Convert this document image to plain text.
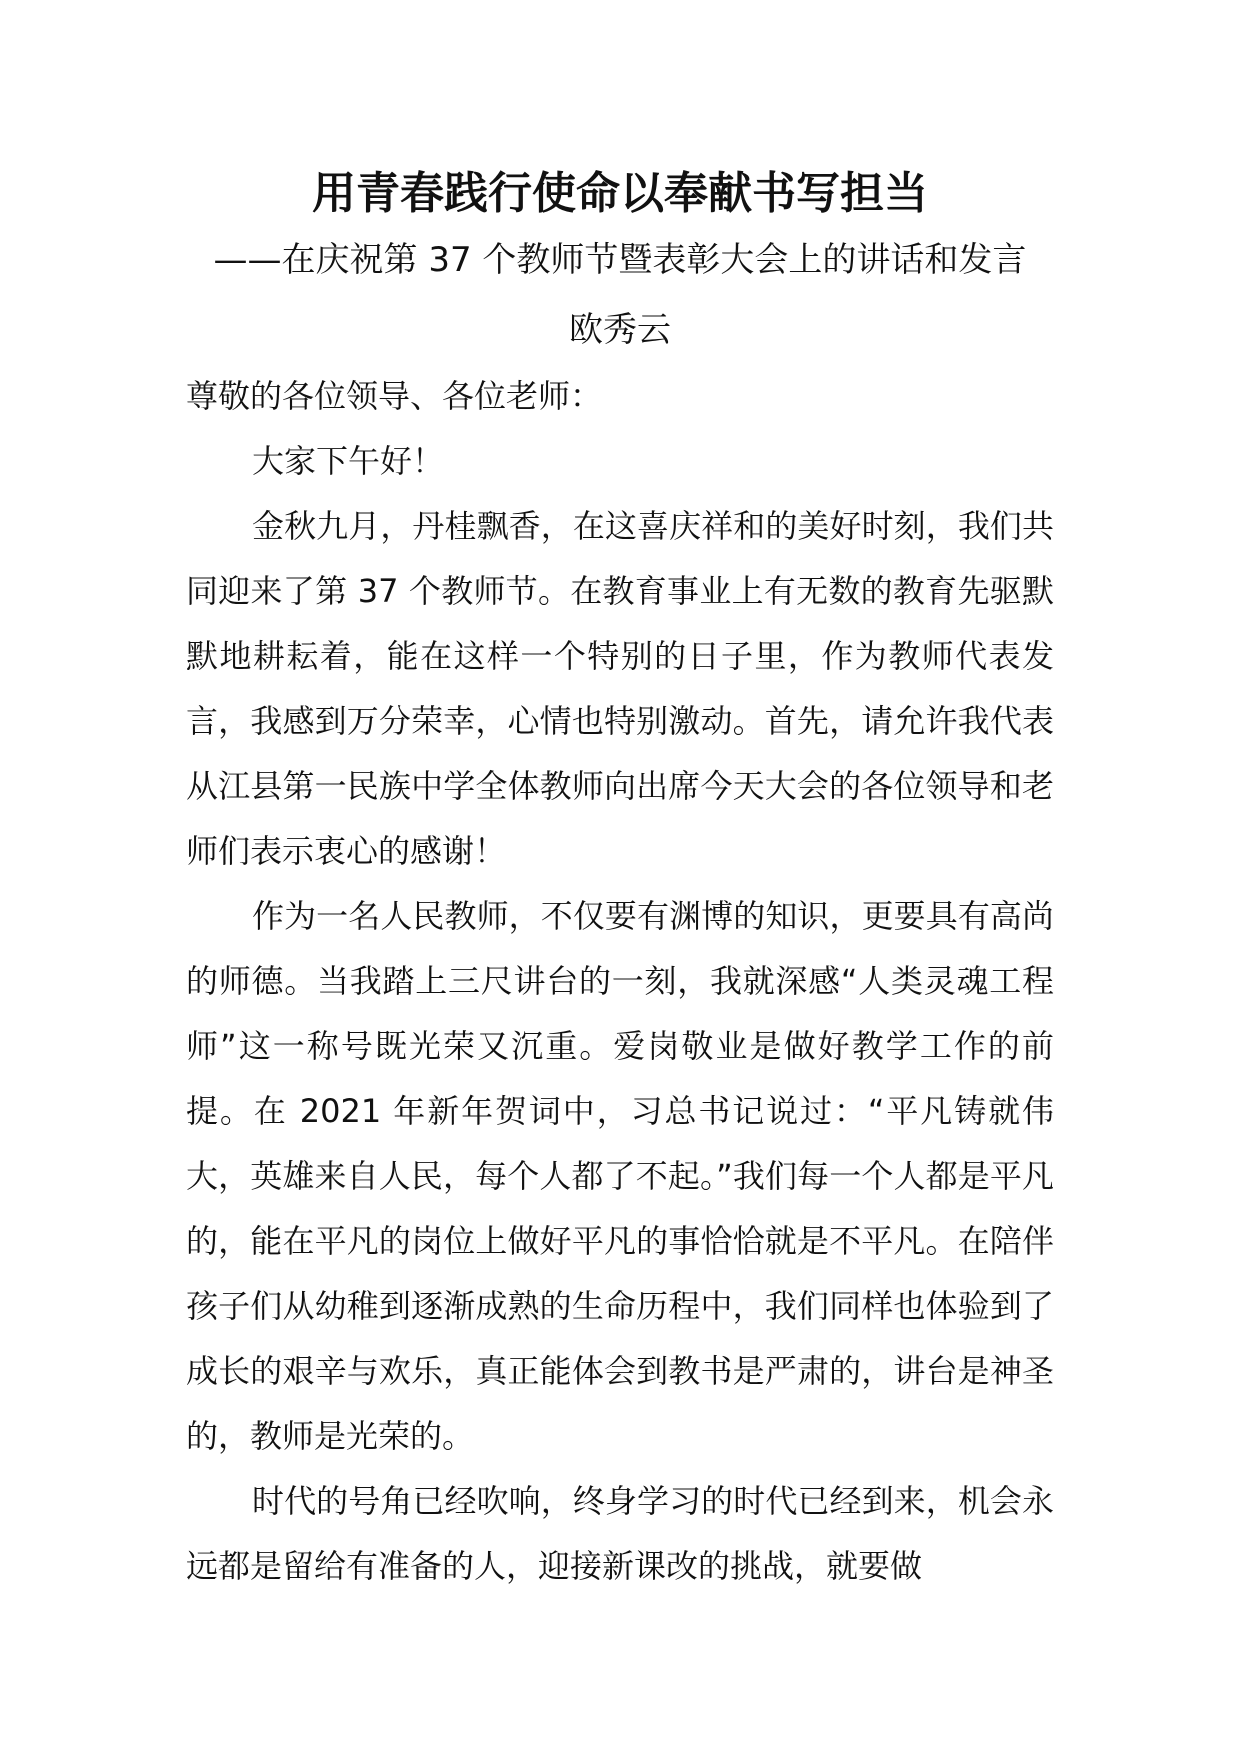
用青春践行使命以奉献书写担当
——在庆祝第 37 个教师节暨表彰大会上的讲话和发言
欧秀云

尊敬的各位领导、各位老师：

大家下午好！

金秋九月，丹桂飘香，在这喜庆祥和的美好时刻，我们共同迎来了第 37 个教师节。在教育事业上有无数的教育先驱默默地耕耘着，能在这样一个特别的日子里，作为教师代表发言，我感到万分荣幸，心情也特别激动。首先，请允许我代表从江县第一民族中学全体教师向出席今天大会的各位领导和老师们表示衷心的感谢！

作为一名人民教师，不仅要有渊博的知识，更要具有高尚的师德。当我踏上三尺讲台的一刻，我就深感“人类灵魂工程师”这一称号既光荣又沉重。爱岗敬业是做好教学工作的前提。在 2021 年新年贺词中，习总书记说过：“平凡铸就伟大，英雄来自人民，每个人都了不起。”我们每一个人都是平凡的，能在平凡的岗位上做好平凡的事恰恰就是不平凡。在陪伴孩子们从幼稚到逐渐成熟的生命历程中，我们同样也体验到了成长的艰辛与欢乐，真正能体会到教书是严肃的，讲台是神圣的，教师是光荣的。

时代的号角已经吹响，终身学习的时代已经到来，机会永远都是留给有准备的人，迎接新课改的挑战，就要做
